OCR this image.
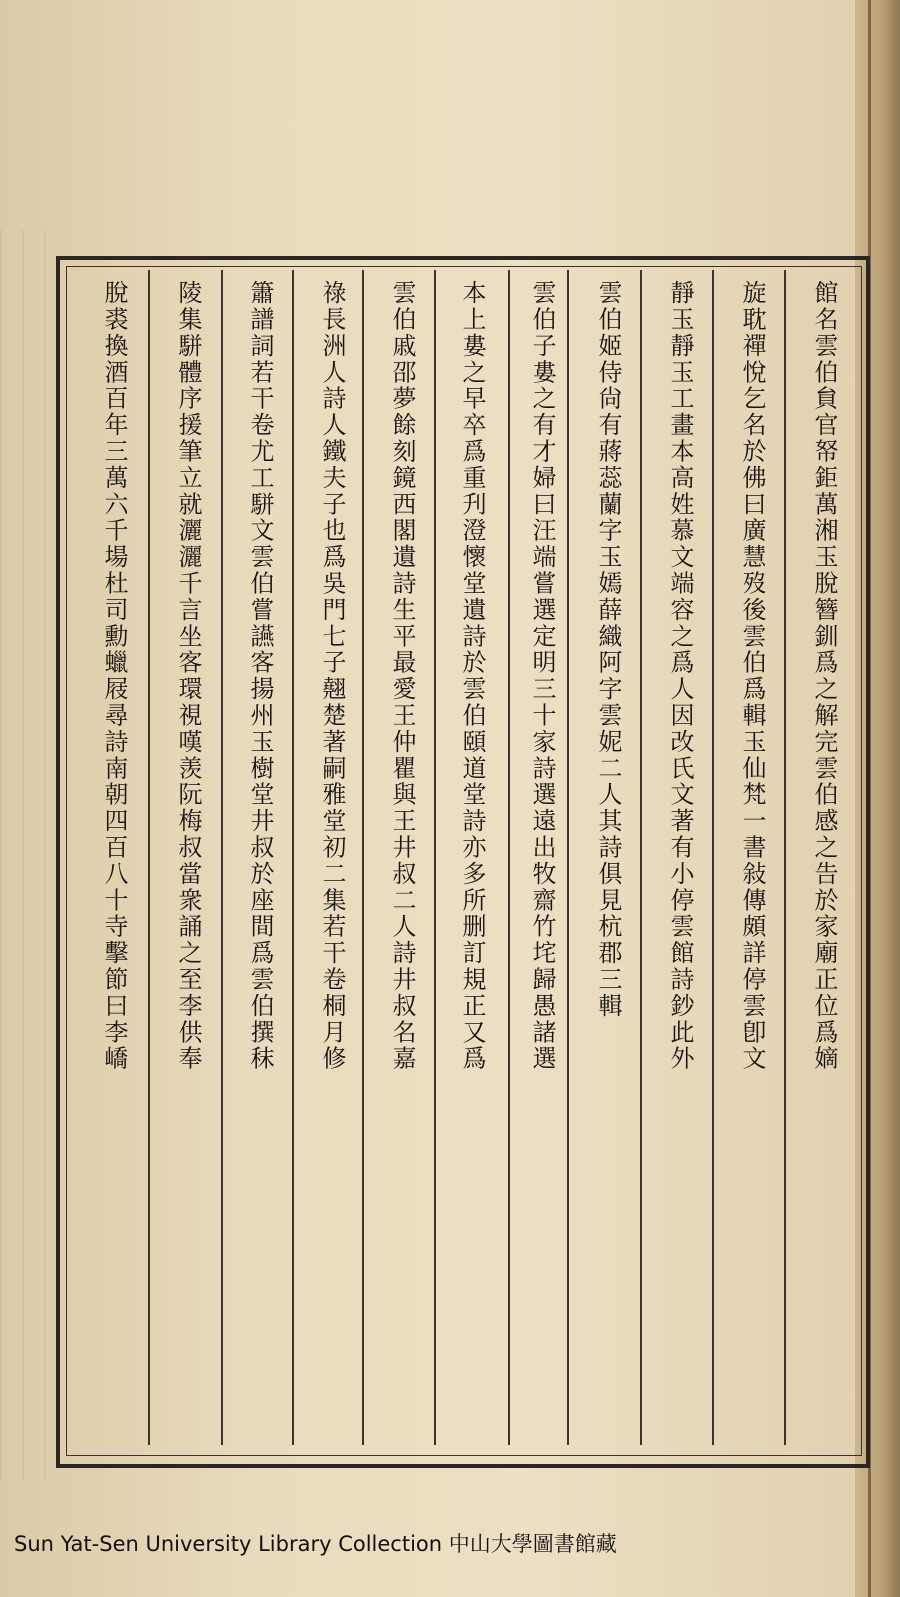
館名雲伯貟官帑鉅萬湘玉脫簪釧爲之解完雲伯感之告於家廟正位爲嫡
旋耽禪悅乞名於佛曰廣慧歿後雲伯爲輯玉仙梵一書敍傳頗詳停雲卽文
靜玉靜玉工畫本高姓慕文端容之爲人因改氏文著有小停雲館詩鈔此外
雲伯姬侍尙有蔣蕊蘭字玉嫣薛織阿字雲妮二人其詩俱見杭郡三輯
雲伯子婁之有才婦曰汪端嘗選定明三十家詩選遠出牧齋竹垞歸愚諸選
本上婁之早卒爲重刋澄懷堂遺詩於雲伯頤道堂詩亦多所删訂規正又爲
雲伯戚邵夢餘刻鏡西閣遺詩生平最愛王仲瞿與王井叔二人詩井叔名嘉
祿長洲人詩人鐵夫子也爲吳門七子翹楚著嗣雅堂初二集若干卷桐月修
簫譜詞若干卷尤工駢文雲伯嘗讌客揚州玉樹堂井叔於座間爲雲伯撰秣
陵集駢體序援筆立就灑灑千言坐客環視嘆羡阮梅叔當衆誦之至李供奉
脫裘換酒百年三萬六千場杜司勳蠟屐尋詩南朝四百八十寺擊節曰李嶠
Sun Yat-Sen University Library Collection 中山大學圖書館藏
